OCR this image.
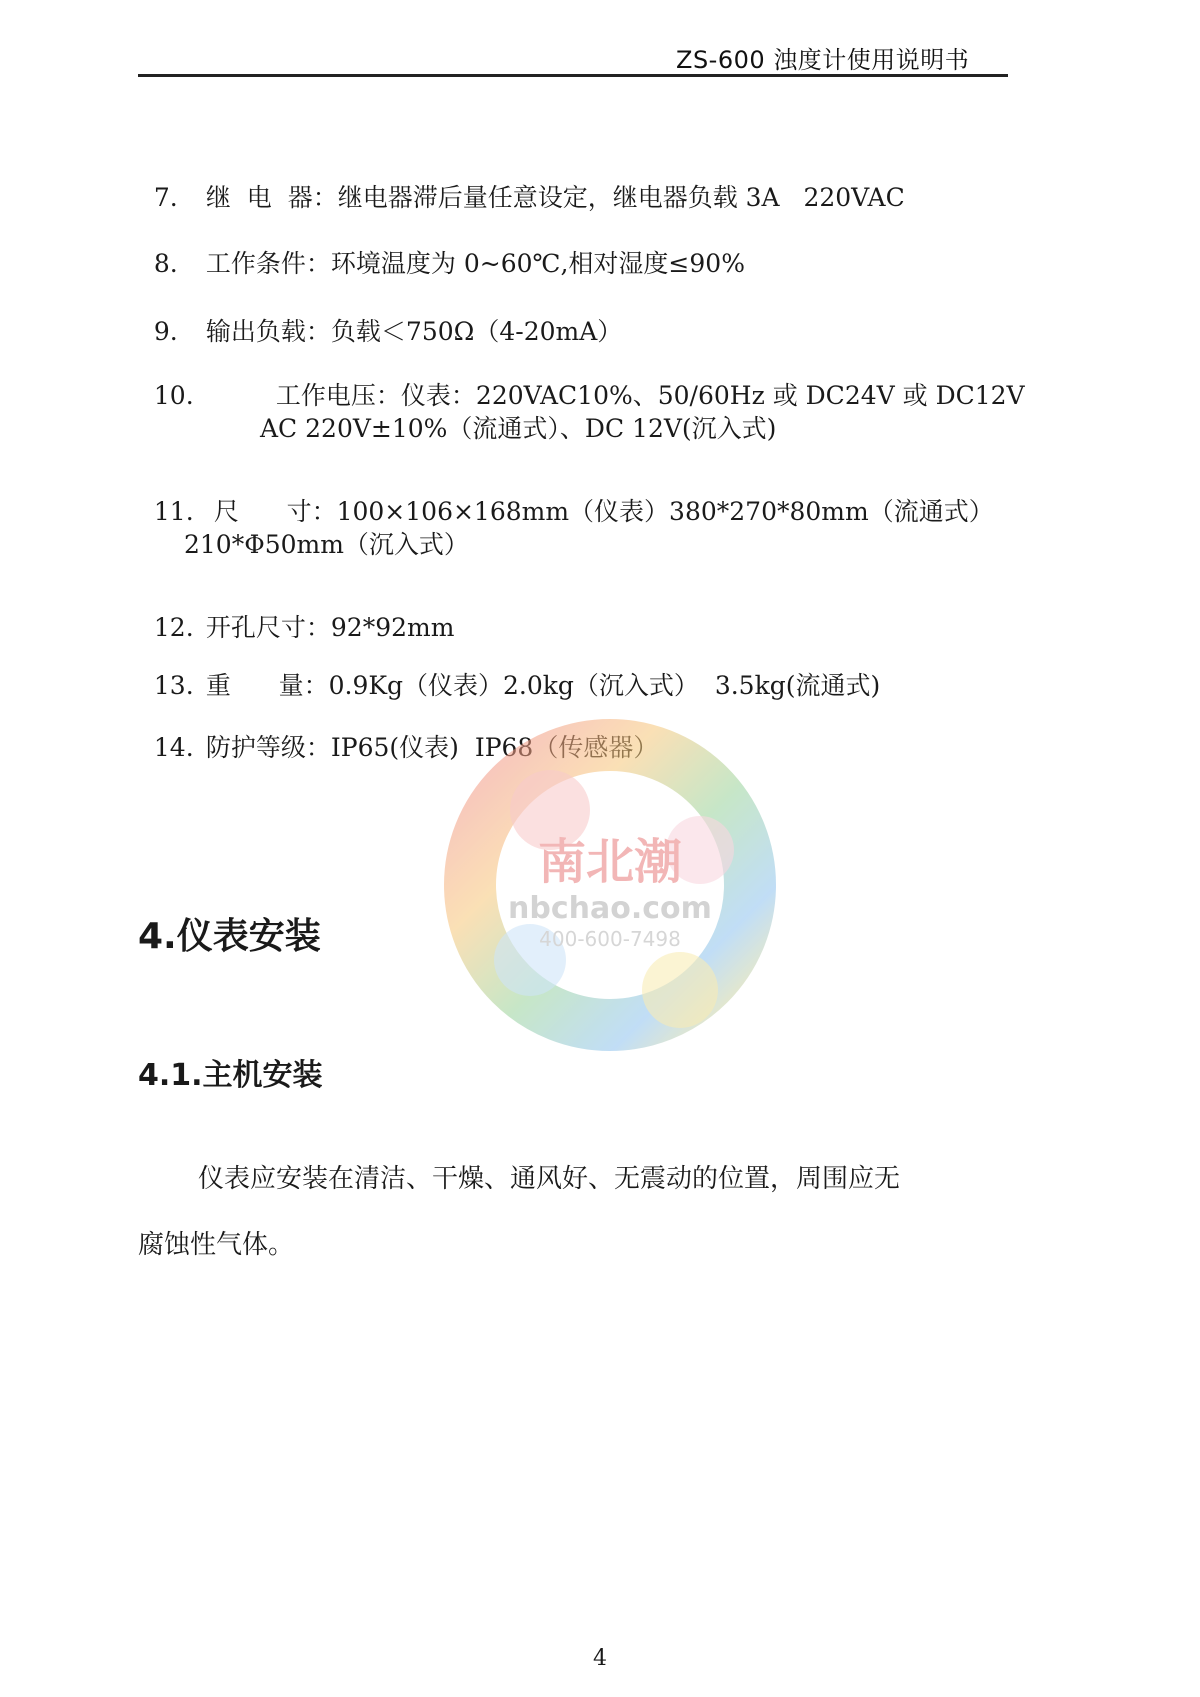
ZS-600 浊度计使用说明书

7. 继  电  器：继电器滞后量任意设定，继电器负载 3A   220VAC

8. 工作条件：环境温度为 0~60℃,相对湿度≤90%

9. 输出负载：负载＜750Ω（4-20mA）

10.	工作电压：仪表：220VAC10%、50/60Hz 或 DC24V 或 DC12V

AC 220V±10%（流通式）、DC 12V(沉入式)

11. 尺      寸：100×106×168mm（仪表）380*270*80mm（流通式）

210*Φ50mm（沉入式）

12. 开孔尺寸：92*92mm

13. 重      量：0.9Kg（仪表）2.0kg（沉入式）  3.5kg(流通式)

14. 防护等级：IP65(仪表)  IP68（传感器）

南北潮
nbchao.com
400-600-7498
4.仪表安装
4.1.主机安装
仪表应安装在清洁、干燥、通风好、无震动的位置，周围应无
腐蚀性气体。
4
